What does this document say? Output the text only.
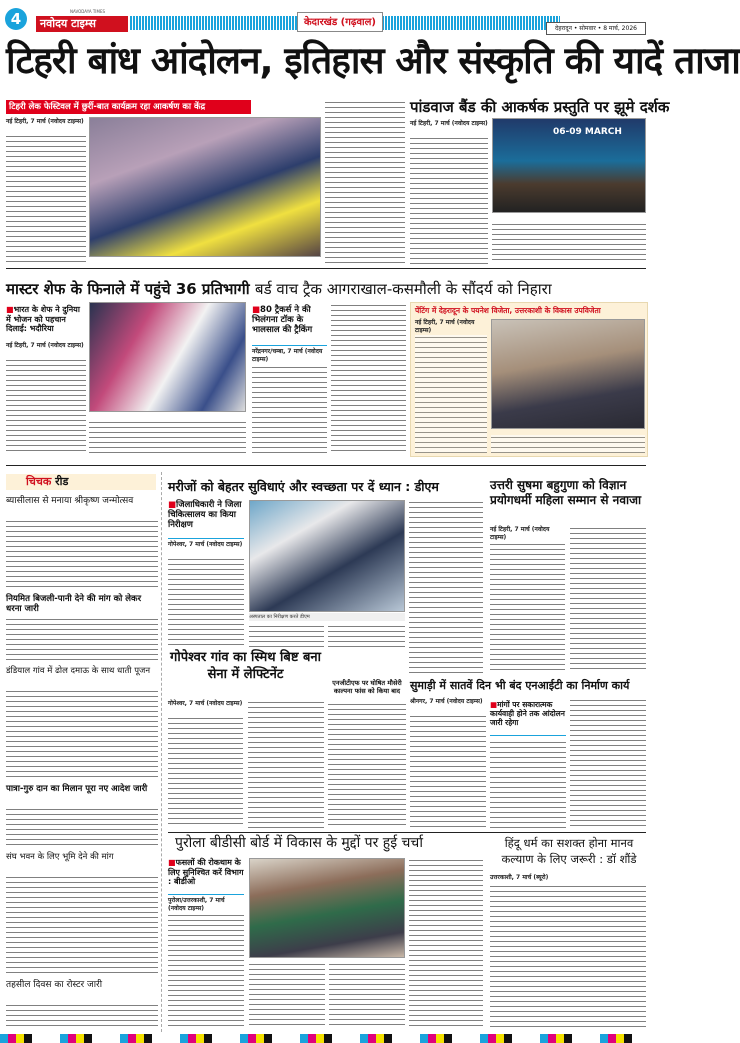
4	NAVODAYA TIMES
नवोदय टाइम्स	केदारखंड (गढ़वाल)
देहरादून • सोमवार • 8 मार्च, 2026
टिहरी बांध आंदोलन, इतिहास और संस्कृति की यादें ताजा
टिहरी लेक फेस्टिवल में छुर्री-बात कार्यक्रम रहा आकर्षण का केंद्र
नई टिहरी, 7 मार्च (नवोदय टाइम्स)
पांडवाज बैंड की आकर्षक प्रस्तुति पर झूमे दर्शक
नई टिहरी, 7 मार्च (नवोदय टाइम्स)
06-09 MARCH
मास्टर शेफ के फिनाले में पहुंचे 36 प्रतिभागी
■भारत के शेफ ने दुनिया में भोजन को पहचान दिलाई: भदौरिया
नई टिहरी, 7 मार्च (नवोदय टाइम्स)
बर्ड वाच ट्रैक आगराखाल-कसमौली के सौंदर्य को निहारा
■80 ट्रैकर्स ने की भिलंगना टॉक के भालसाल की ट्रैकिंग
नरेंद्रनगर/चम्बा, 7 मार्च (नवोदय टाइम्स)
पेंटिंग में देहरादून के पयनेश विजेता, उत्तरकाशी के विकास उपविजेता
नई टिहरी, 7 मार्च (नवोदय टाइम्स)
चिचक रीड
ब्यासीलास से मनाया श्रीकृष्ण जन्मोत्सव
नियमित बिजली-पानी देने की मांग को लेकर धरना जारी
डंडियाल गांव में ढोल दमाऊ के साथ धाती पूजन
पात्रा-गुरु दान का मिलान पूरा नए आदेश जारी
संघ भवन के लिए भूमि देने की मांग
तहसील दिवस का रोस्टर जारी
मरीजों को बेहतर सुविधाएं और स्वच्छता पर दें ध्यान : डीएम
■जिलाधिकारी ने जिला चिकित्सालय का किया निरीक्षण
गोपेश्वर, 7 मार्च (नवोदय टाइम्स)
अस्पताल का निरीक्षण करते डीएम
उत्तरी सुषमा बहुगुणा को विज्ञान प्रयोगधर्मी महिला सम्मान से नवाजा
नई टिहरी, 7 मार्च (नवोदय टाइम्स)
गोपेश्वर गांव का स्मिथ बिष्ट बना सेना में लेफ्टिनेंट
गोपेश्वर, 7 मार्च (नवोदय टाइम्स)
एनजीटीएफ पर घोषित मौसेरी काल्पना फांस को किया बाद सुमाड़ी में सातवें दिन भी बंद एनआईटी का निर्माण कार्य
श्रीनगर, 7 मार्च (नवोदय टाइम्स) ■मांगों पर सकारात्मक कार्यवाही होने तक आंदोलन जारी रहेगा
पुरोला बीडीसी बोर्ड में विकास के मुद्दों पर हुई चर्चा
■फसलों की रोकथाम के लिए सुनिश्चित करें विभाग : बीडीओ
पुरोला/उत्तरकाशी, 7 मार्च (नवोदय टाइम्स)
हिंदू धर्म का सशक्त होना मानव कल्याण के लिए जरूरी : डॉ शौंडे
उत्तरकाशी, 7 मार्च (ब्यूरो)
